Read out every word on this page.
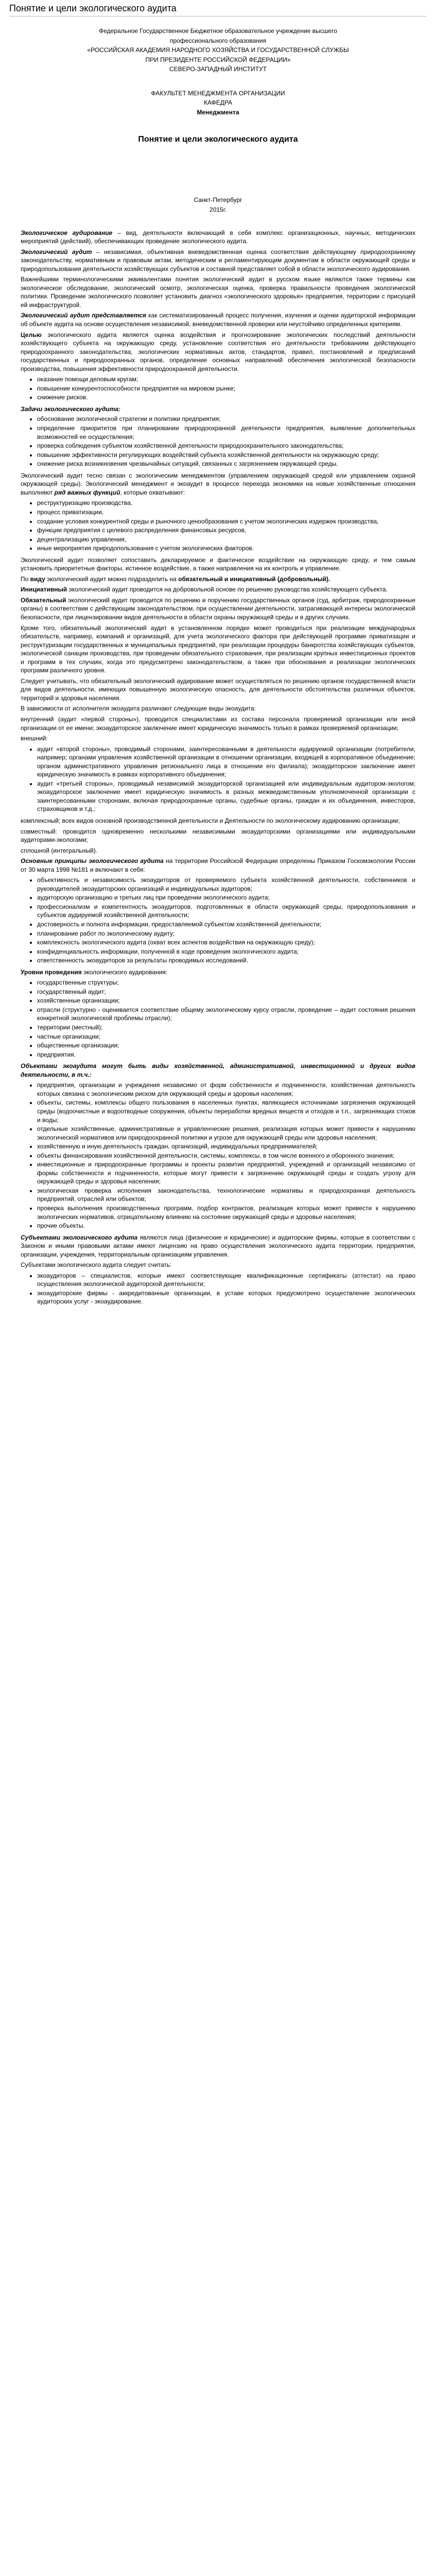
Понятие и цели экологического аудита
Федеральное Государственное Бюджетное образовательное учреждение высшего
профессионального образования
«РОССИЙСКАЯ АКАДЕМИЯ НАРОДНОГО ХОЗЯЙСТВА И ГОСУДАРСТВЕННОЙ СЛУЖБЫ
ПРИ ПРЕЗИДЕНТЕ РОССИЙСКОЙ ФЕДЕРАЦИИ»
СЕВЕРО-ЗАПАДНЫЙ ИНСТИТУТ
ФАКУЛЬТЕТ МЕНЕДЖМЕНТА ОРГАНИЗАЦИИ
КАФЕДРА
Менеджмента
Понятие и цели экологического аудита
Санкт-Петербург
2015г.

Экологическое аудирование – вид, деятельности включающий в себя комплекс организационных, научных, методических мероприятий (действий), обеспечивающих проведение экологического аудита.

Экологический аудит – независимая, объективная вневедомственная оценка соответствия действующему природоохранному законодательству, нормативным и правовым актам, методическим и регламентирующим документам в области окружающей среды и природопользования деятельности хозяйствующих субъектов и составной представляет собой в области экологического аудирования.

Важнейшими терминологическими эквивалентами понятия экологический аудит в русском языке являются также термины как экологическое обследование, экологический осмотр, экологическая оценка, проверка правильности проведения экологической политики. Проведение экологического позволяет установить диагноз «экологического здоровья» предприятия, территории с присущей ей инфраструктурой.

Экологический аудит представляется как систематизированный процесс получения, изучения и оценки аудиторской информации об объекте аудита на основе осуществления независимой, вневедомственной проверки или неустойчиво определенных критериям.

Целью экологического аудита является оценка воздействия и прогнозирование экологических последствий деятельности хозяйствующего субъекта на окружающую среду, установление соответствия его деятельности требованиям действующего природоохранного законодательства, экологических нормативных актов, стандартов, правил, постановлений и предписаний государственных и природоохранных органов, определение основных направлений обеспечения экологической безопасности производства, повышения эффективности природоохранной деятельности.

• оказание помощи деловым кругам;
• повышение конкурентоспособности предприятия на мировом рынке;
• снижение рисков.
Задачи экологического аудита:
• обоснование экологической стратегии и политики предприятия;
• определение приоритетов при планировании природоохранной деятельности предприятия, выявление дополнительных возможностей ее осуществления;
• проверка соблюдения субъектом хозяйственной деятельности природоохранительного законодательства;
• повышение эффективности регулирующих воздействий субъекта хозяйственной деятельности на окружающую среду;
• снижение риска возникновения чрезвычайных ситуаций, связанных с загрязнением окружающей среды.

Экологический аудит тесно связан с экологическим менеджментом (управлением окружающей средой или управлением охраной окружающей среды). Экологический менеджмент и экоаудит в процессе перехода экономики на новые хозяйственные отношения выполняют ряд важных функций, которые охватывают:

• реструктуризацию производства,
• процесс приватизации,
• создание условия конкурентной среды и рыночного ценообразования с учетом экологических издержек производства,
• функции предприятия с целевого распределения финансовых ресурсов,
• децентрализацию управления,
• иные мероприятия природопользования с учетом экологических факторов.

Экологический аудит позволяет сопоставить декларируемое и фактическое воздействие на окружающую среду, и тем самым установить приоритетные факторы, истинное воздействие, а также направления на их контроль и управление.

По виду экологический аудит можно подразделить на обязательный и инициативный (добровольный).

Инициативный экологический аудит проводится на добровольной основе по решению руководства хозяйствующего субъекта.

Обязательный экологический аудит проводится по решению и поручению государственных органов (суд, арбитраж, природоохранные органы) в соответствии с действующим законодательством, при осуществлении деятельности, затрагивающей интересы экологической безопасности, при лицензировании видов деятельности в области охраны окружающей среды и в других случаях.

Кроме того, обязательный экологический аудит в установленном порядке может проводиться при реализации международных обязательств, например, компаний и организаций, для учета экологического фактора при действующей программе приватизации и реструктуризации государственных и муниципальных предприятий, при реализации процедуры банкротства хозяйствующих субъектов, экологической санации производства, при проведении обязательного страхования, при реализации крупных инвестиционных проектов и программ в тех случаях, когда это предусмотрено законодательством, а также при обоснования и реализации экологических программ различного уровня.

Следует учитывать, что обязательный экологический аудирование может осуществляться по решению органов государственной власти для видов деятельности, имеющих повышенную экологическую опасность, для деятельности обстоятельства различных объектов, территорий и здоровья населения.

В зависимости от исполнителя экоаудита различают следующие виды экоаудита:

внутренний (аудит «первой стороны»), проводится специалистами из состава персонала проверяемой организации или иной организации от ее имени; экоаудиторское заключение имеет юридическую значимость только в рамках проверяемой организации;

внешний:

• аудит «второй стороны», проводимый сторонами, заинтересованными в деятельности аудируемой организации (потребители, например; органами управления хозяйственной организации в отношении организации, входящей в корпоративное объединение; органом административного управления регионального лица в отношении его филиала); экоаудиторское заключение имеет юридическую значимость в рамках корпоративного объединения;
• аудит «третьей стороны», проводимый независимой экоаудиторской организацией или индивидуальным аудитором-экологом; экоаудиторское заключение имеет юридическую значимость в разных межведомственным уполномоченной организации с заинтересованными сторонами, включая природоохранные органы, судебные органы, граждан и их объединения, инвесторов, страховщиков и т.д.;

комплексный; всех видов основной производственной деятельности и Деятельности по экологическому аудированию организации;

совместный: проводится одновременно несколькими независимыми экоаудиторскими организациями или индивидуальными аудиторами-экологами;

сплошной (интегральный).

Основные принципы экологического аудита на территории Российской Федерации определены Приказом Госкомэкологии России от 30 марта 1998 №181 и включают в себя:

• объективность и независимость экоаудиторов от проверяемого субъекта хозяйственной деятельности, собственников и руководителей экоаудиторских организаций и индивидуальных аудиторов;
• аудиторскую организацию и третьих лиц при проведении экологического аудита;
• профессионализм и компетентность экоаудиторов, подготовленных в области окружающей среды, природопользования и субъектов аудируемой хозяйственной деятельности;
• достоверность и полнота информации, предоставляемой субъектом хозяйственной деятельности;
• планирование работ по экологическому аудиту;
• комплексность экологического аудита (охват всех аспектов воздействия на окружающую среду);
• конфиденциальность информации, полученной в ходе проведения экологического аудита;
• ответственность экоаудиторов за результаты проводимых исследований.

Уровни проведения экологического аудирования:

• государственные структуры;
• государственный аудит;
• хозяйственные организации;
• отрасли (структурно - оценивается соответствие общему экологическому курсу отрасли, проведение – аудит состояния решения конкретной экологической проблемы отрасли);
• территории (местный);
• частные организации;
• общественные организации;
• предприятия.

Объектами экоаудита могут быть виды хозяйственной, административной, инвестиционной и других видов деятельности, в т.ч.:

• предприятия, организации и учреждения независимо от форм собственности и подчиненности, хозяйственная деятельность которых связана с экологическим риском для окружающей среды и здоровья населения;
• объекты, системы, комплексы общего пользования в населенных пунктах, являющиеся источниками загрязнения окружающей среды (водоочистные и водоотводные сооружения, объекты переработки вредных веществ и отходов и т.п., загрязняющих стоков и воды;
• отдельные хозяйственные, административные и управленческие решения, реализация которых может привести к нарушению экологической нормативов или природоохранной политики и угрозе для окружающей среды или здоровья населения;
• хозяйственную и иную деятельность граждан, организаций, индивидуальных предпринимателей;
• объекты финансирования хозяйственной деятельности, системы, комплексы, в том числе военного и оборонного значения;
• инвестиционные и природоохранные программы и проекты развития предприятий, учреждений и организаций независимо от формы собственности и подчиненности, которые могут привести к загрязнению окружающей среды и создать угрозу для окружающей среды и здоровья населения;
• экологическая проверка исполнения законодательства, технологические нормативы и природоохранная деятельность предприятий, отраслей или объектов;
• проверка выполнения производственных программ, подбор контрактов, реализация которых может привести к нарушению экологических нормативов, отрицательному влиянию на состояние окружающей среды и здоровье населения;
• прочие объекты.

Субъектами экологического аудита являются лица (физические и юридические) и аудиторские фирмы, которые в соответствии с Законом и иными правовыми актами имеют лицензию на право осуществления экологического аудита территории, предприятия, организации, учреждения, территориальным организациям управления.

Субъектами экологического аудита следует считать:

• экоаудиторов – специалистов, которые имеют соответствующие квалификационные сертификаты (аттестат) на право осуществления экологической аудиторской деятельности;
• экоаудиторские фирмы - аккредитованные организации, в уставе которых предусмотрено осуществление экологических аудиторских услуг - экоаудирование.
